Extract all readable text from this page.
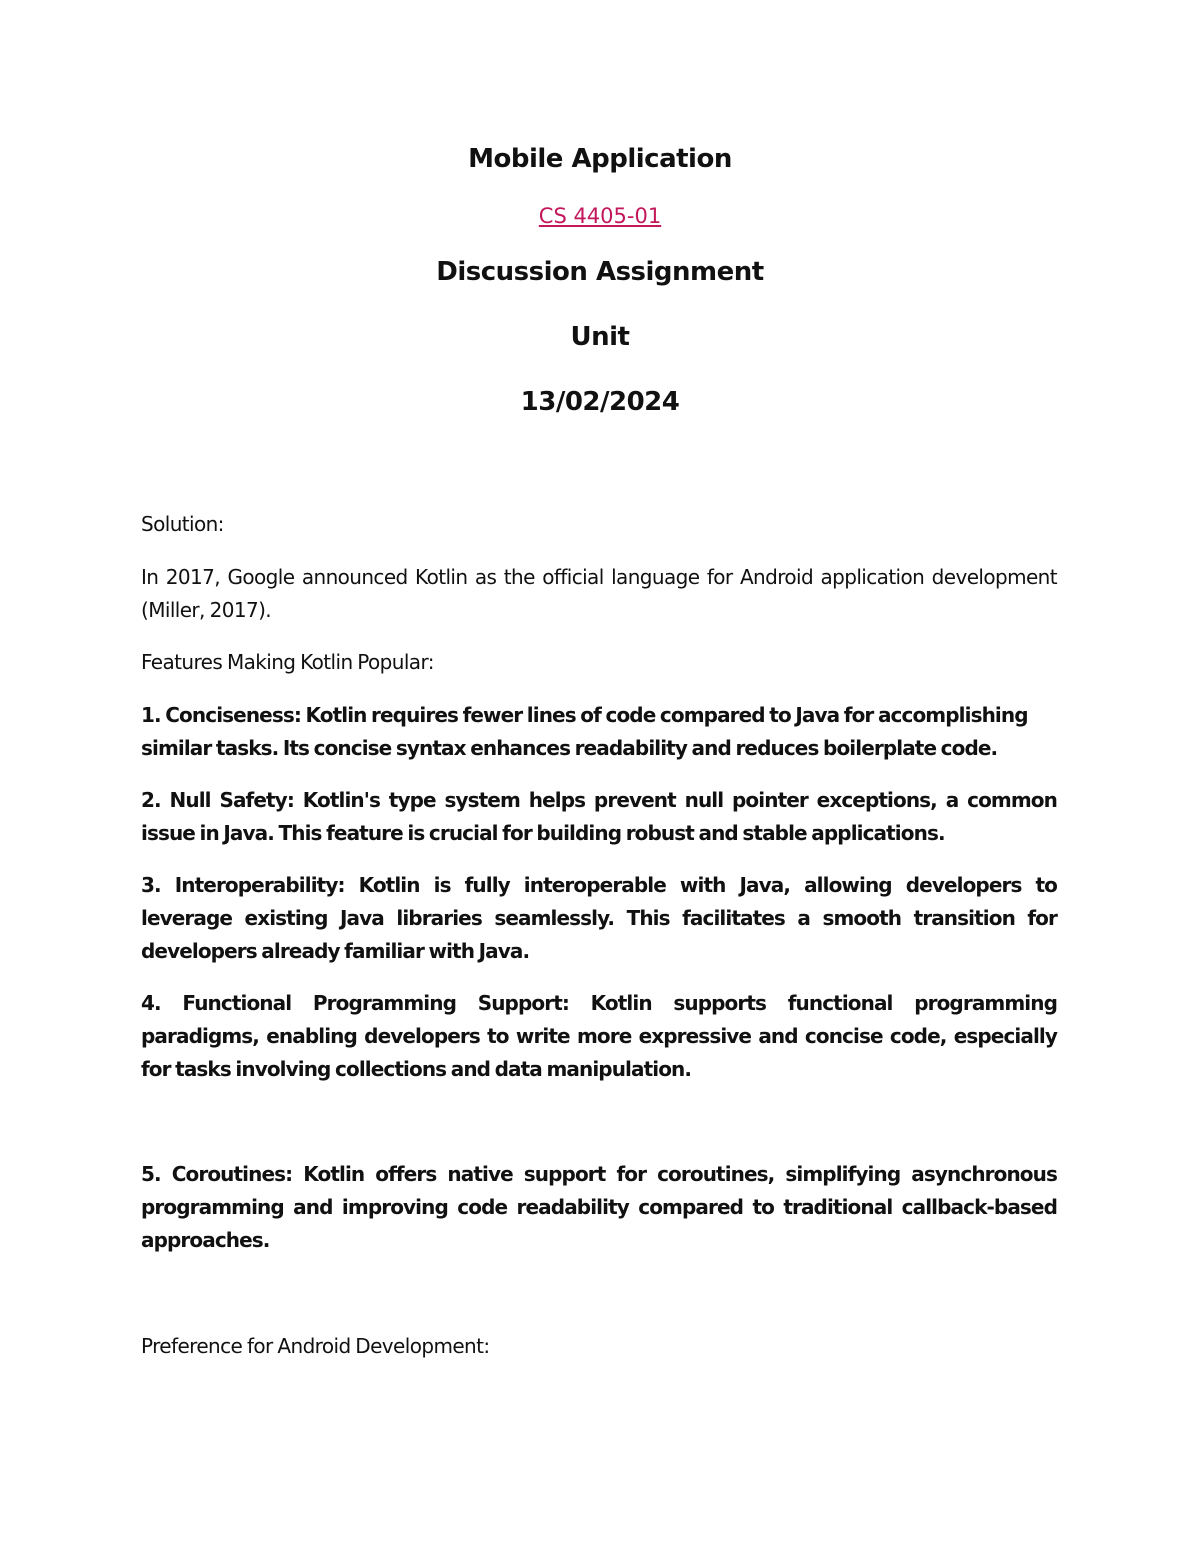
Mobile Application
CS 4405-01
Discussion Assignment
Unit
13/02/2024
Solution:
In 2017, Google announced Kotlin as the official language for Android application development (Miller, 2017).
Features Making Kotlin Popular:
1. Conciseness: Kotlin requires fewer lines of code compared to Java for accomplishing similar tasks. Its concise syntax enhances readability and reduces boilerplate code.
2. Null Safety: Kotlin's type system helps prevent null pointer exceptions, a common issue in Java. This feature is crucial for building robust and stable applications.
3. Interoperability: Kotlin is fully interoperable with Java, allowing developers to leverage existing Java libraries seamlessly. This facilitates a smooth transition for developers already familiar with Java.
4. Functional Programming Support: Kotlin supports functional programming paradigms, enabling developers to write more expressive and concise code, especially for tasks involving collections and data manipulation.
5. Coroutines: Kotlin offers native support for coroutines, simplifying asynchronous programming and improving code readability compared to traditional callback-based approaches.
Preference for Android Development:
